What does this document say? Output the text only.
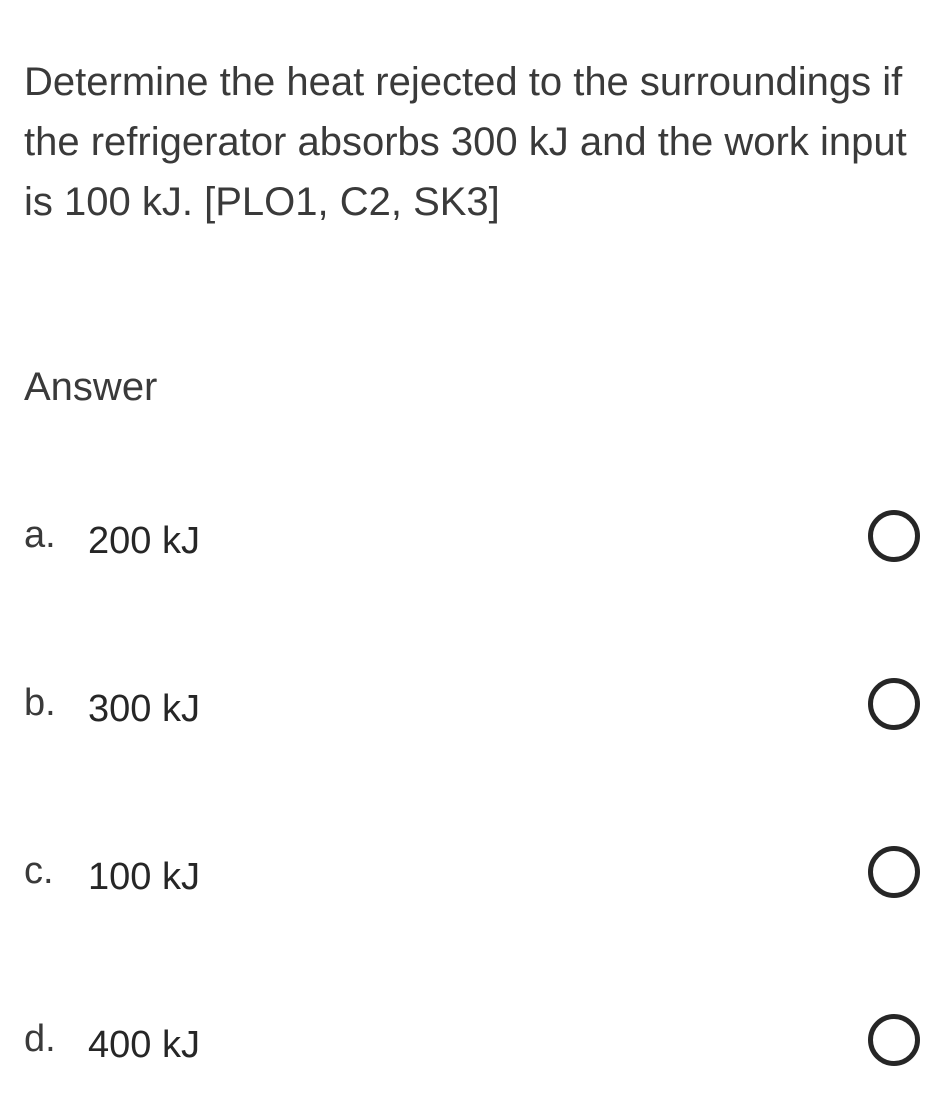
Determine the heat rejected to the surroundings if the refrigerator absorbs 300 kJ and the work input is 100 kJ. [PLO1, C2, SK3]

Answer

a. 200 kJ
b. 300 kJ
c. 100 kJ
d. 400 kJ
